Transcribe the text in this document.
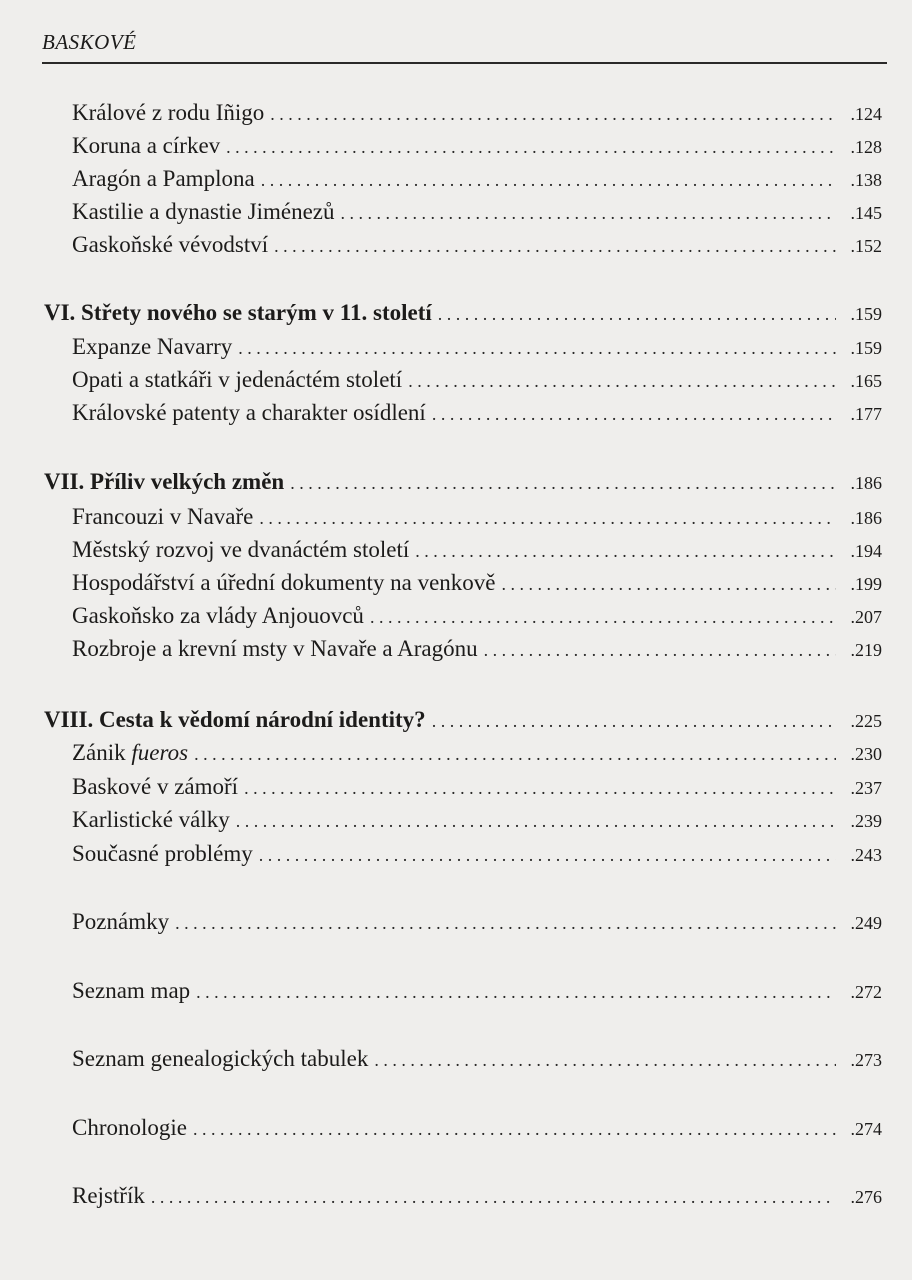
BASKOVÉ
Králové z rodu Iñigo . . .	.124
Koruna a církev . . .	.128
Aragón a Pamplona . . .	.138
Kastilie a dynastie Jiménezů . . .	.145
Gaskoňské vévodství . . .	.152
VI. Střety nového se starým v 11. století . . .	.159
Expanze Navarry . . .	.159
Opati a statkáři v jedenáctém století . . .	.165
Královské patenty a charakter osídlení . . .	.177
VII. Příliv velkých změn . . .	.186
Francouzi v Navaře . . .	.186
Městský rozvoj ve dvanáctém století . . .	.194
Hospodářství a úřední dokumenty na venkově . . .	.199
Gaskoňsko za vlády Anjouovců . . .	.207
Rozbroje a krevní msty v Navaře a Aragónu . . .	.219
VIII. Cesta k vědomí národní identity? . . .	.225
Zánik fueros . . .	.230
Baskové v zámoří . . .	.237
Karlistické války . . .	.239
Současné problémy . . .	.243
Poznámky . . .	.249
Seznam map . . .	.272
Seznam genealogických tabulek . . .	.273
Chronologie . . .	.274
Rejstřík . . .	.276
